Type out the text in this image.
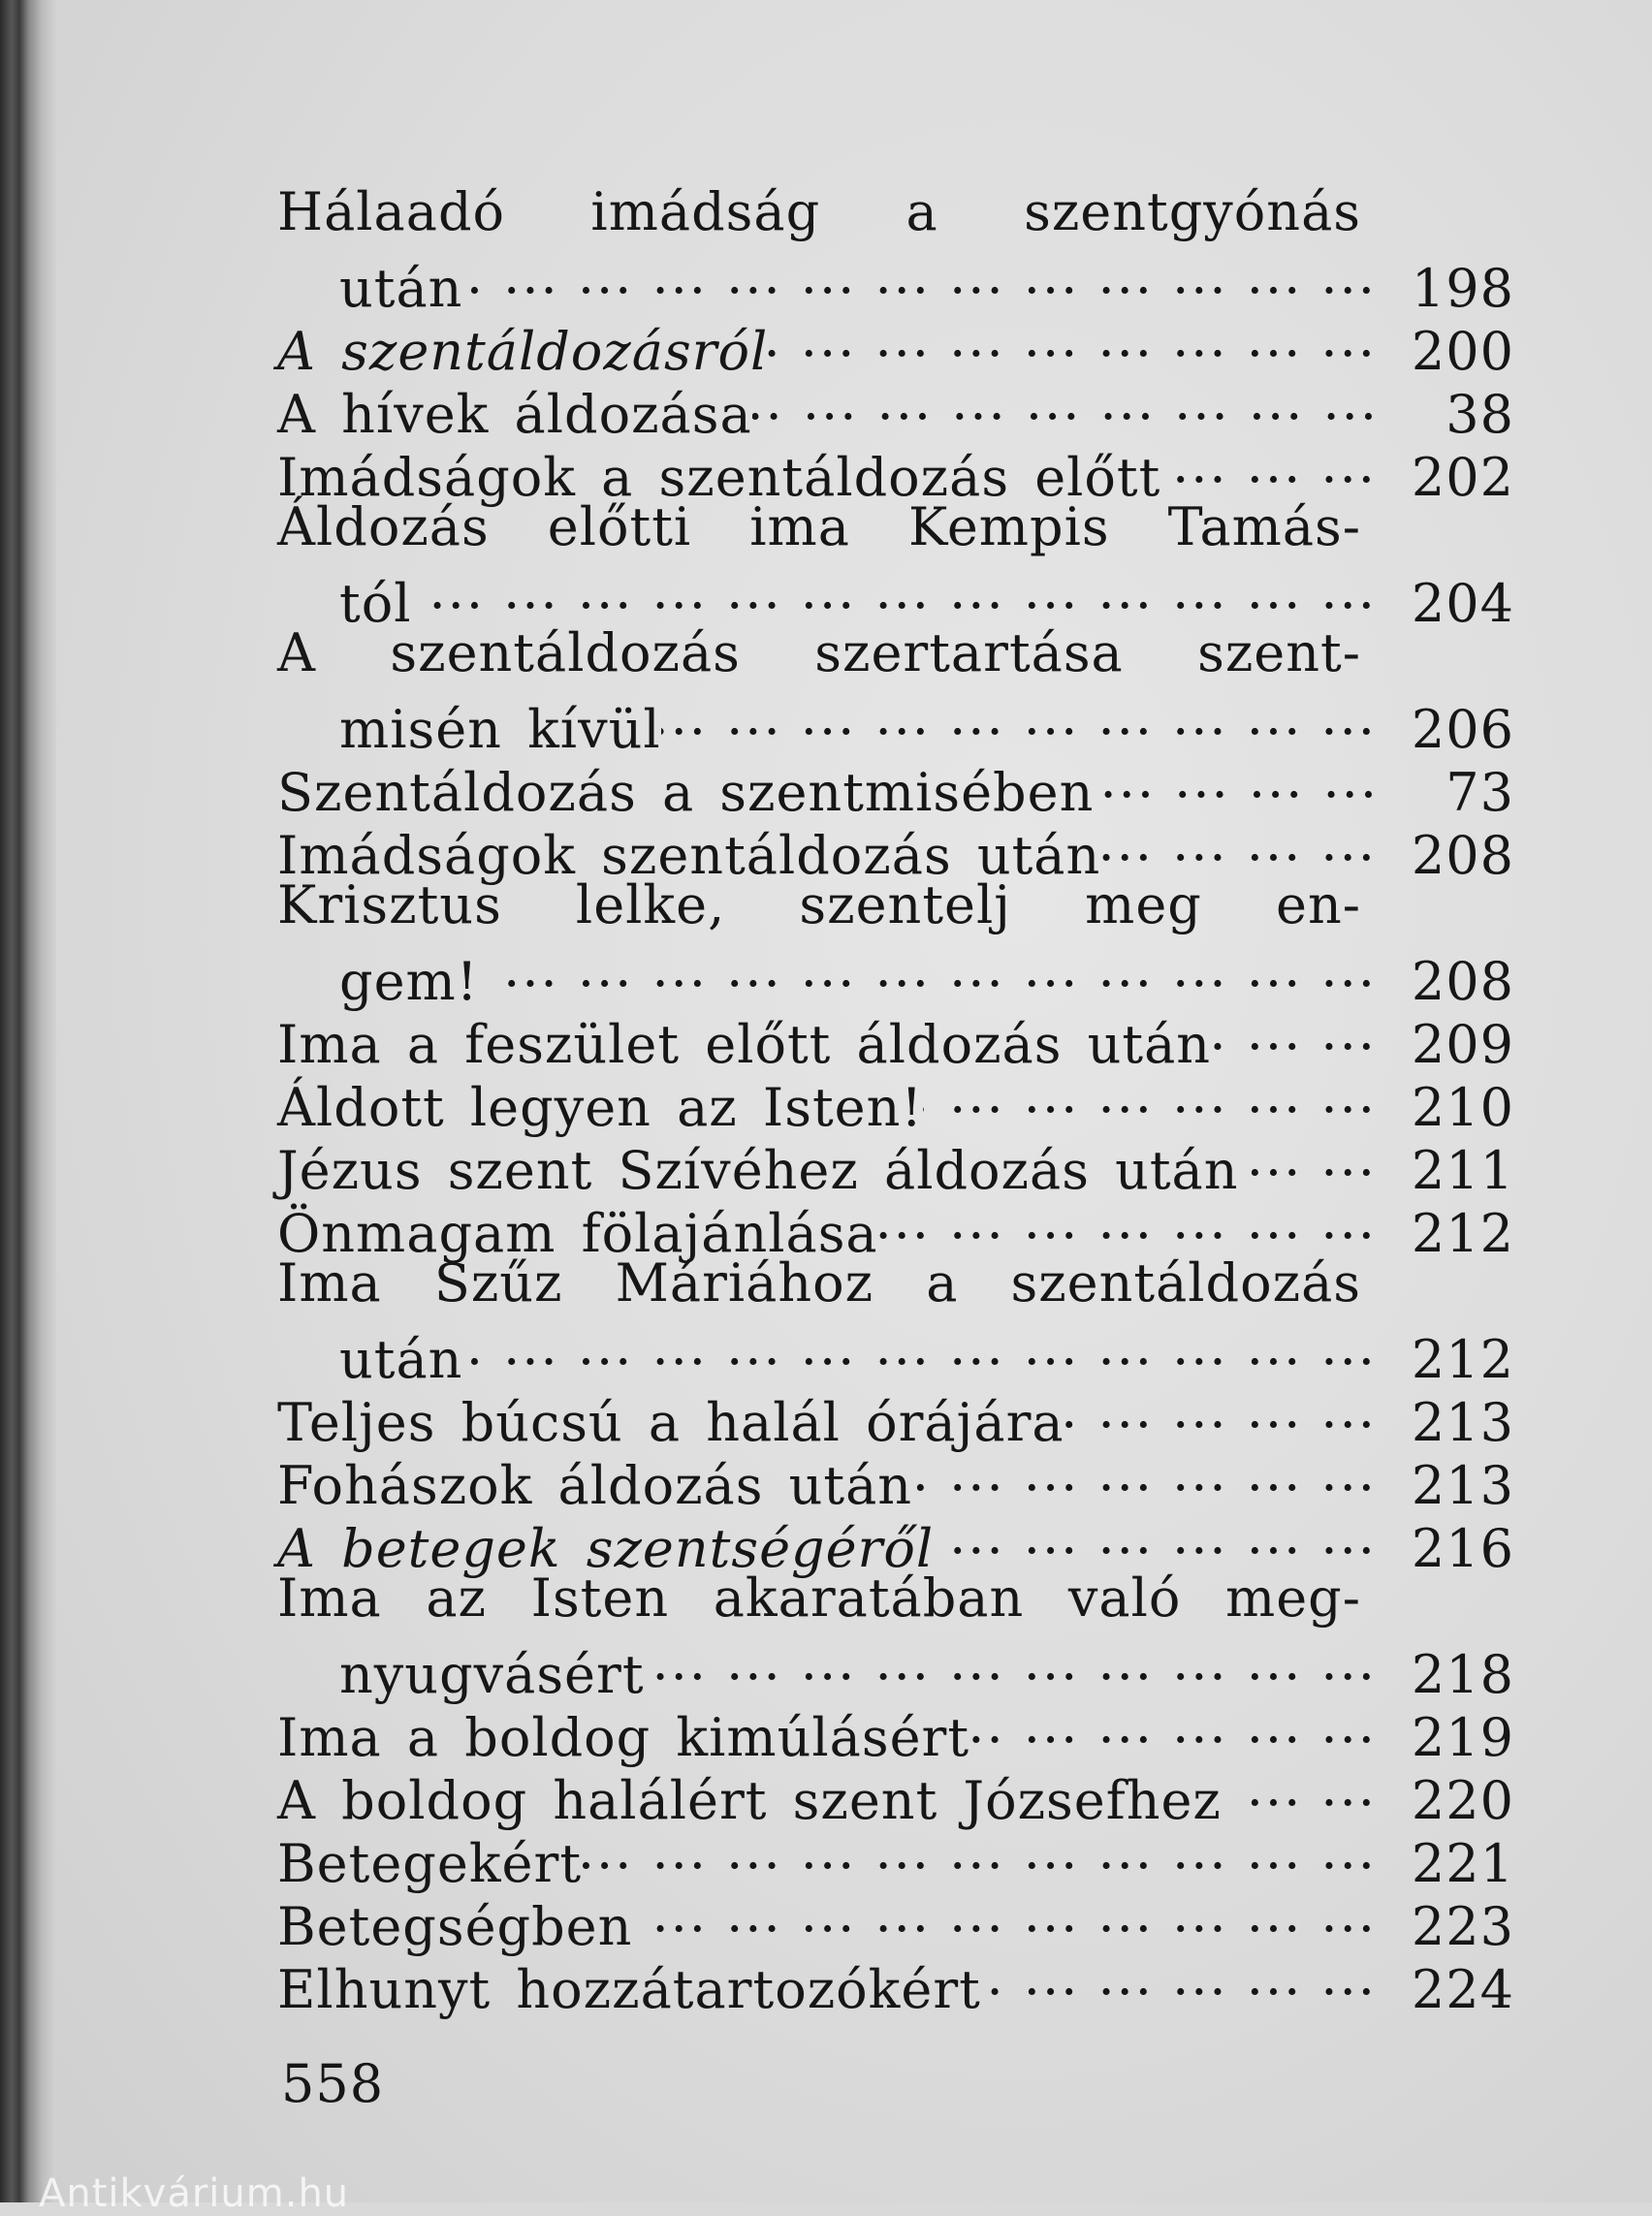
Hálaadó imádság a szentgyónás
után ... .	198
A szentáldozásról ... .	200
A hívek áldozása ... .	38
Imádságok a szentáldozás előtt ... .	202
Áldozás előtti ima Kempis Tamás-
tól ... .	204
A szentáldozás szertartása szent-
misén kívül ... .	206
Szentáldozás a szentmisében ... .	73
Imádságok szentáldozás után ... .	208
Krisztus lelke, szentelj meg en-
gem! ... .	208
Ima a feszület előtt áldozás után ... .	209
Áldott legyen az Isten! ... .	210
Jézus szent Szívéhez áldozás után ... .	211
Önmagam fölajánlása ... .	212
Ima Szűz Máriához a szentáldozás
után ... .	212
Teljes búcsú a halál órájára ... .	213
Fohászok áldozás után ... .	213
A betegek szentségéről ... .	216
Ima az Isten akaratában való meg-
nyugvásért ... .	218
Ima a boldog kimúlásért ... .	219
A boldog halálért szent Józsefhez ... .	220
Betegekért ... .	221
Betegségben ... .	223
Elhunyt hozzátartozókért ... .	224
558
Antikvárium.hu
